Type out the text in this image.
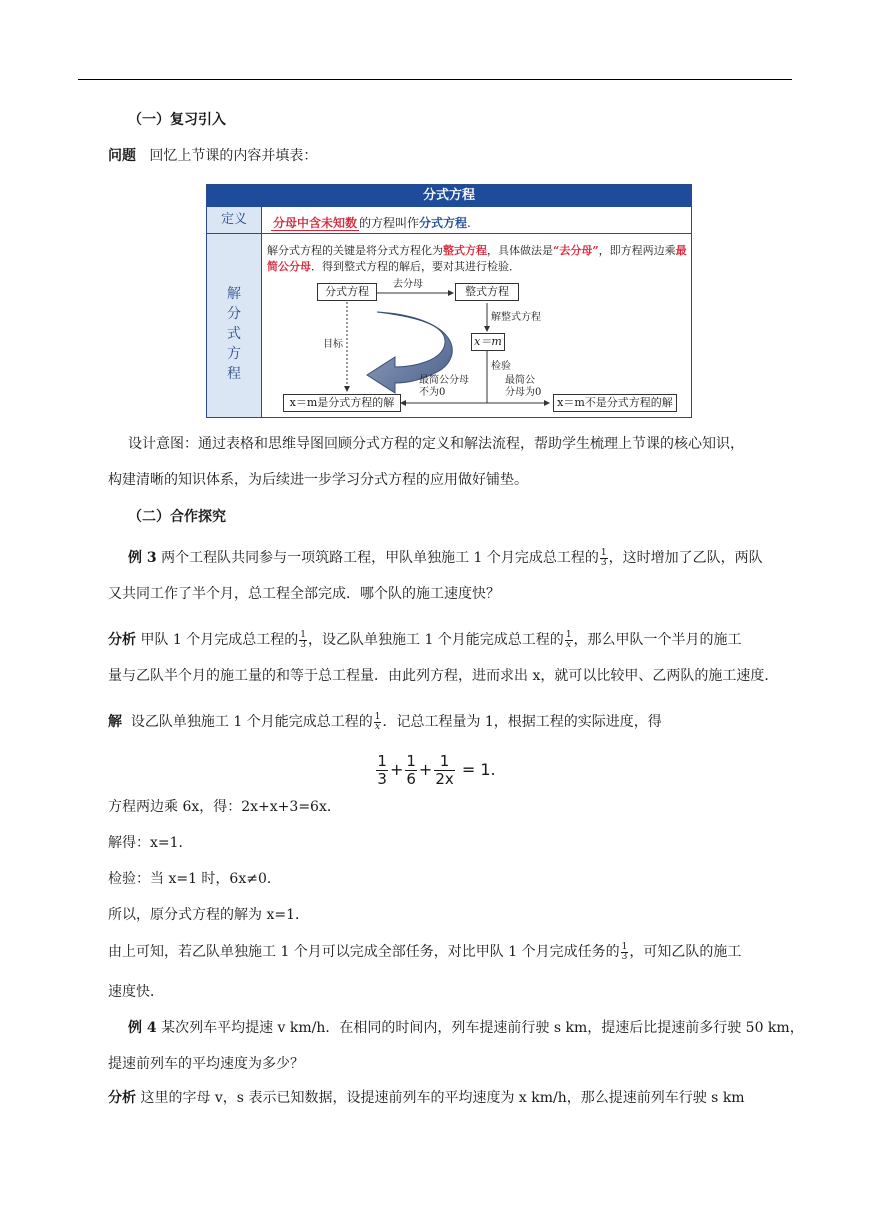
（一）复习引入
问题 回忆上节课的内容并填表：
分式方程
定义
解
分
式
方
程
分母中含未知数 的方程叫作分式方程.
解分式方程的关键是将分式方程化为整式方程，具体做法是“去分母”，即方程两边乘最简公分母．得到整式方程的解后，要对其进行检验．
分式方程
去分母
整式方程
解整式方程
x＝m
检验
目标
最简公分母
不为0
最简公
分母为0
x＝m是分式方程的解	x＝m不是分式方程的解
设计意图：通过表格和思维导图回顾分式方程的定义和解法流程，帮助学生梳理上节课的核心知识，
构建清晰的知识体系，为后续进一步学习分式方程的应用做好铺垫。
（二）合作探究
例 3 两个工程队共同参与一项筑路工程，甲队单独施工 1 个月完成总工程的 $\frac{1}{3}$ ，这时增加了乙队，两队
又共同工作了半个月，总工程全部完成．哪个队的施工速度快？
分析 甲队 1 个月完成总工程的 $\frac{1}{3}$ ，设乙队单独施工 1 个月能完成总工程的 $\frac{1}{x}$ ，那么甲队一个半月的施工
量与乙队半个月的施工量的和等于总工程量．由此列方程，进而求出 x，就可以比较甲、乙两队的施工速度．
解 设乙队单独施工 1 个月能完成总工程的 $\frac{1}{x}$ ．记总工程量为 1，根据工程的实际进度，得
$\frac{1}{3} + \frac{1}{6} + \frac{1}{2x} = 1$.
方程两边乘 6x，得：2x+x+3=6x．
解得：x=1．
检验：当 x=1 时，6x≠0．
所以，原分式方程的解为 x=1．
由上可知，若乙队单独施工 1 个月可以完成全部任务，对比甲队 1 个月完成任务的 $\frac{1}{3}$ ，可知乙队的施工
速度快．
例 4 某次列车平均提速 v km/h．在相同的时间内，列车提速前行驶 s km，提速后比提速前多行驶 50 km，
提速前列车的平均速度为多少？
分析 这里的字母 v，s 表示已知数据，设提速前列车的平均速度为 x km/h，那么提速前列车行驶 s km
